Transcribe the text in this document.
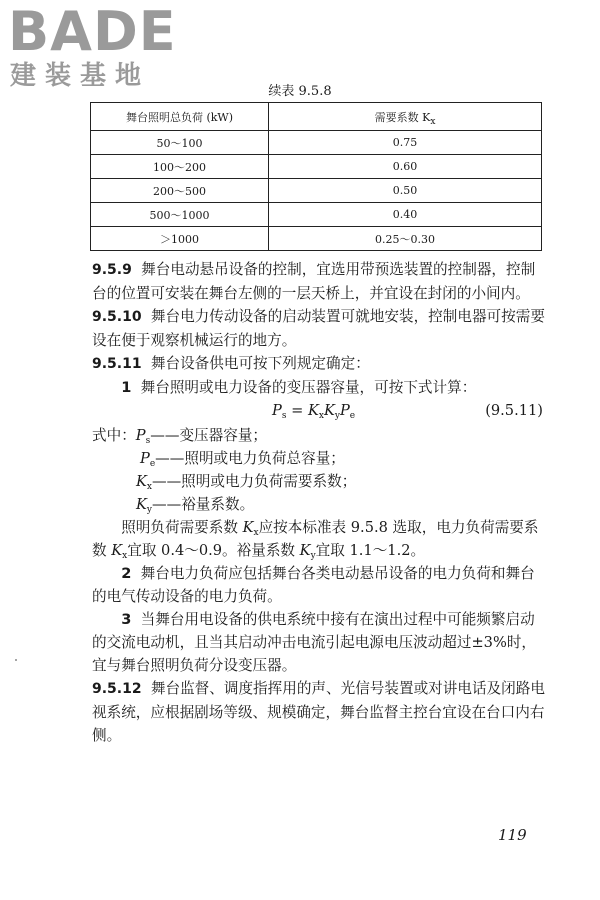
BADE
建装基地
续表 9.5.8
舞台照明总负荷 (kW)	需要系数 $K_x$
50～100	0.75
100～200	0.60
200～500	0.50
500～1000	0.40
＞1000	0.25～0.30

9.5.9 舞台电动悬吊设备的控制，宜选用带预选装置的控制器，控制台的位置可安装在舞台左侧的一层天桥上，并宜设在封闭的小间内。

9.5.10 舞台电力传动设备的启动装置可就地安装，控制电器可按需要设在便于观察机械运行的地方。

9.5.11 舞台设备供电可按下列规定确定：

1 舞台照明或电力设备的变压器容量，可按下式计算：

$P_s = K_xK_yP_e$	(9.5.11)

式中：$P_s——$变压器容量；

$P_e——$照明或电力负荷总容量；

$K_x——$照明或电力负荷需要系数；

$K_y——$裕量系数。

照明负荷需要系数 $K_x$应按本标准表 9.5.8 选取，电力负荷需要系数 $K_x$宜取 0.4～0.9。裕量系数 $K_y$宜取 1.1～1.2。

2 舞台电力负荷应包括舞台各类电动悬吊设备的电力负荷和舞台的电气传动设备的电力负荷。

3 当舞台用电设备的供电系统中接有在演出过程中可能频繁启动的交流电动机，且当其启动冲击电流引起电源电压波动超过±3%时，宜与舞台照明负荷分设变压器。

9.5.12 舞台监督、调度指挥用的声、光信号装置或对讲电话及闭路电视系统，应根据剧场等级、规模确定，舞台监督主控台宜设在台口内右侧。

119
